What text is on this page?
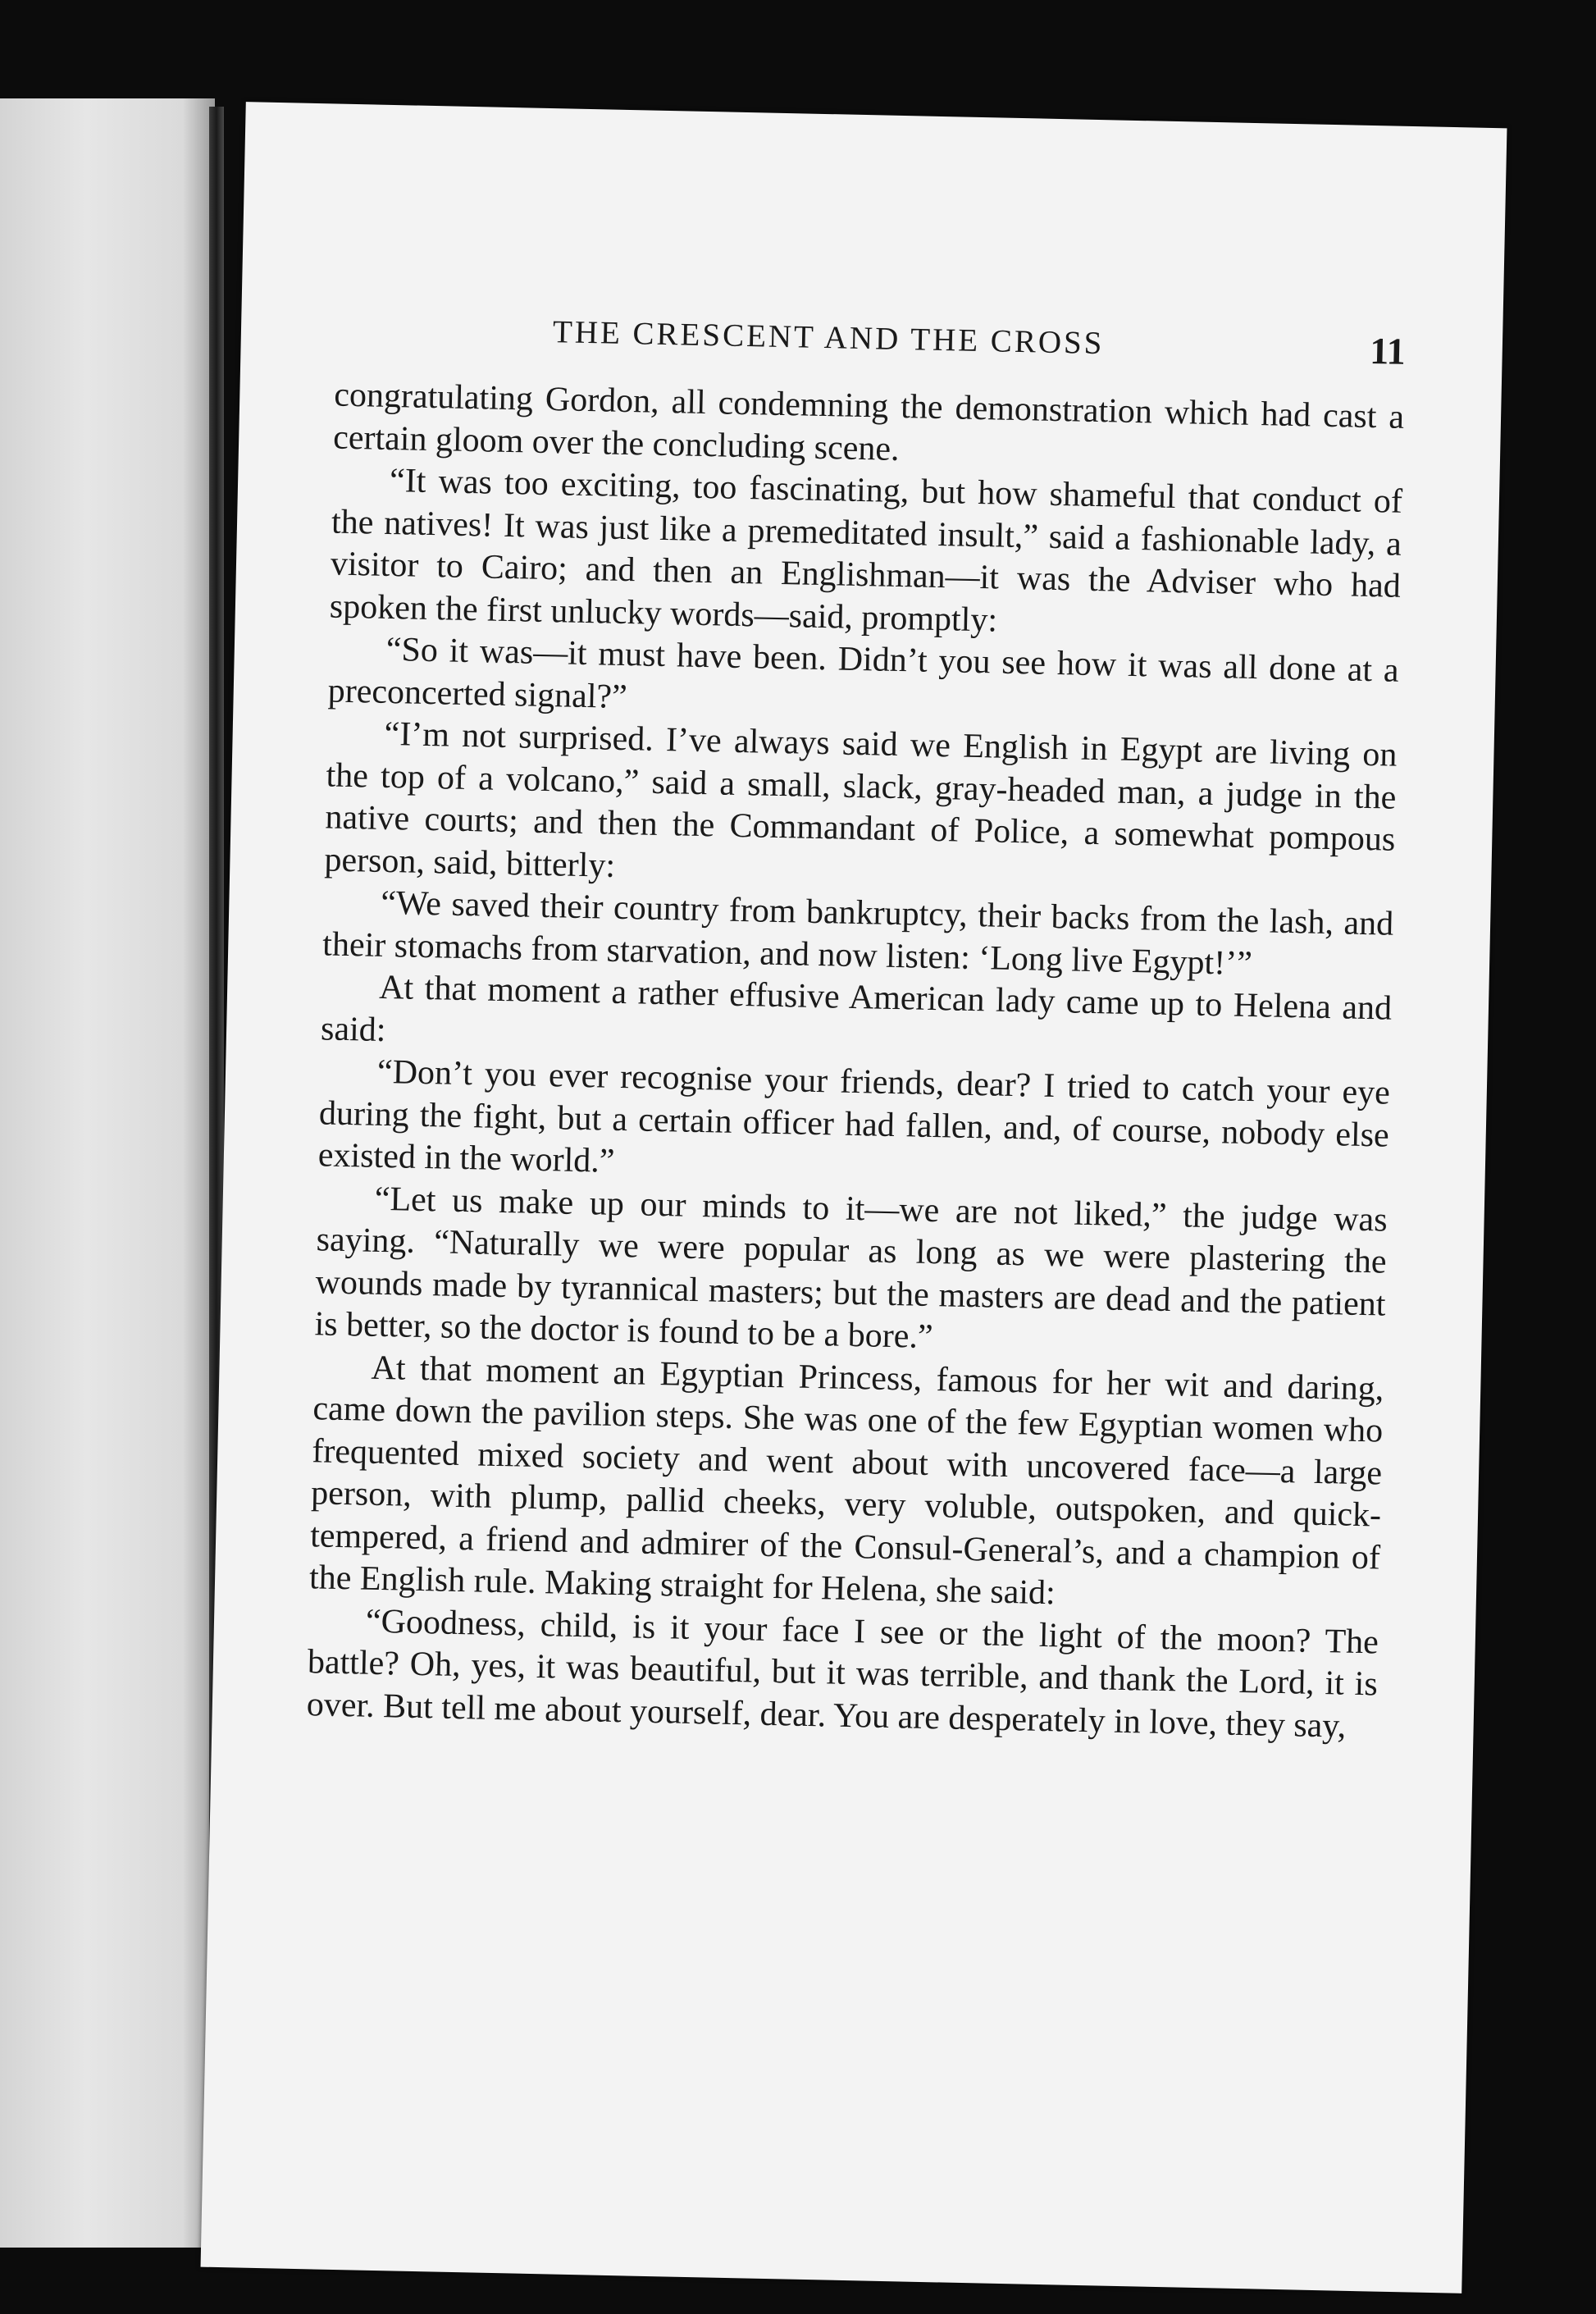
THE CRESCENT AND THE CROSS	11

congratulating Gordon, all condemning the demonstration which had cast a certain gloom over the concluding scene.

“It was too exciting, too fascinating, but how shameful that conduct of the natives! It was just like a premeditated insult,” said a fashionable lady, a visitor to Cairo; and then an Englishman—it was the Adviser who had spoken the first unlucky words—said, promptly:

“So it was—it must have been. Didn’t you see how it was all done at a preconcerted signal?”

“I’m not surprised. I’ve always said we English in Egypt are living on the top of a volcano,” said a small, slack, gray-headed man, a judge in the native courts; and then the Commandant of Police, a somewhat pompous person, said, bitterly:

“We saved their country from bankruptcy, their backs from the lash, and their stomachs from starvation, and now listen: ‘Long live Egypt!’”

At that moment a rather effusive American lady came up to Helena and said:

“Don’t you ever recognise your friends, dear? I tried to catch your eye during the fight, but a certain officer had fallen, and, of course, nobody else existed in the world.”

“Let us make up our minds to it—we are not liked,” the judge was saying. “Naturally we were popular as long as we were plastering the wounds made by tyrannical masters; but the masters are dead and the patient is better, so the doctor is found to be a bore.”

At that moment an Egyptian Princess, famous for her wit and daring, came down the pavilion steps. She was one of the few Egyptian women who frequented mixed society and went about with uncovered face—a large person, with plump, pallid cheeks, very voluble, outspoken, and quick-tempered, a friend and admirer of the Consul-General’s, and a champion of the English rule. Making straight for Helena, she said:

“Goodness, child, is it your face I see or the light of the moon? The battle? Oh, yes, it was beautiful, but it was terrible, and thank the Lord, it is over. But tell me about yourself, dear. You are desperately in love, they say,
